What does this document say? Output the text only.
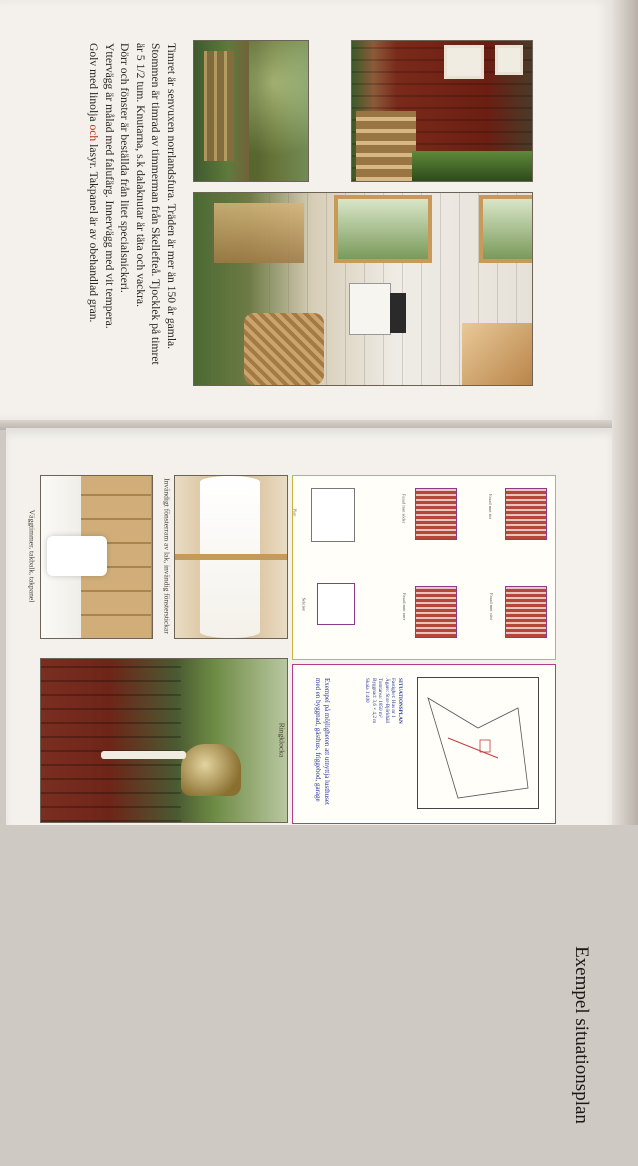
Timret är senvuxen norrlandsfura. Träden är mer än 150 år gamla.
Stommen är timrad av timmerman från Skellefteå. Tjocklek på timret
är 5 1/2 tum. Knutarna, s.k dalaknutar är täta och vackra.
Dörr och fönster är beställda från litet specialsnickeri.
Yttervägg är målad med falufärg. Innervägg med vit tempera.
Golv med linolja och lasyr. Takpanel är av obehandlad gran.
Väggtimmer, takbalk, takpanel	Invändigt fönsterram av lak, invändig fönsterstickar
Ringklocka
Plan
Sektion
Fasad mot söder
Fasad mot norr
Fasad mot öst
Fasad mot väst
SITUATIONSPLAN
Fastighet: Hus nr 1
Ägare: Stor-Björkhäll
Tomtarea: 1850 m²
Byggnad: 3,6 × 4,2 m
Skala 1:400
Exempel på möjligheten att utnyttja lusthuset med en byggnad, gästhus, friggebod, garage
Exempel situationsplan
